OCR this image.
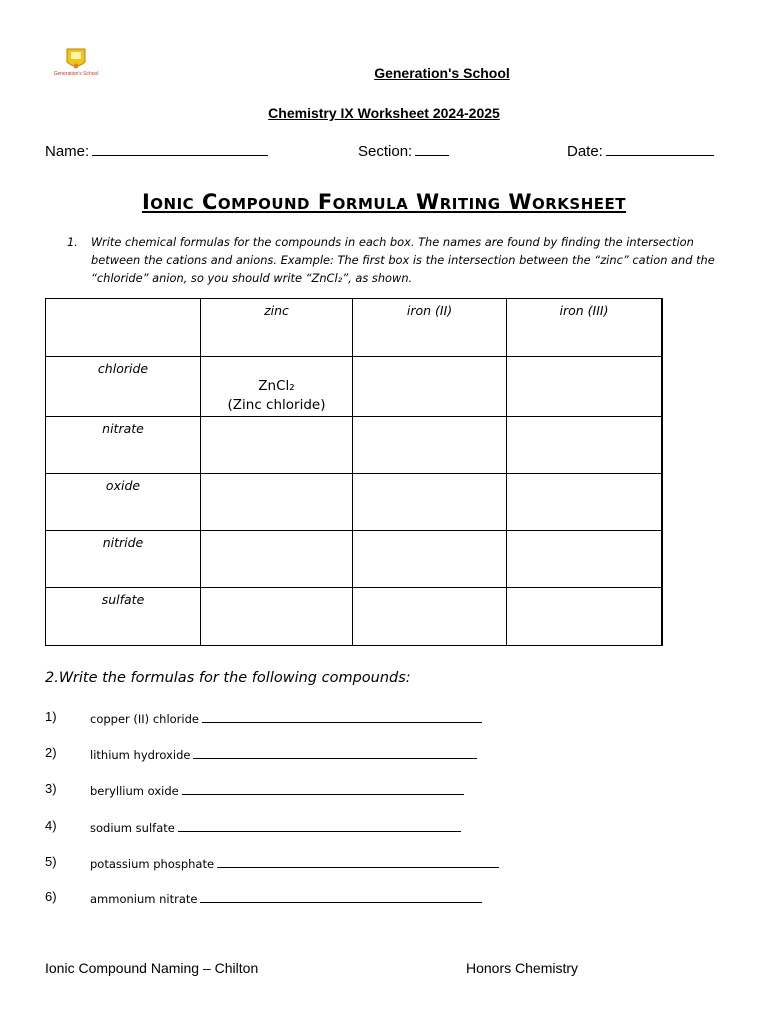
Generation's School	Generation's School
Chemistry IX Worksheet 2024-2025
Name:	Section:	Date:
Ionic Compound Formula Writing Worksheet
1. Write chemical formulas for the compounds in each box. The names are found by finding the intersection between the cations and anions. Example: The first box is the intersection between the “zinc” cation and the “chloride” anion, so you should write “ZnCl₂”, as shown.

	zinc	iron (II)	iron (III)

chloride	ZnCl₂
(Zinc chloride)		

nitrate			

oxide			

nitride			

sulfate			

2.Write the formulas for the following compounds:
1)	copper (II) chloride
2)	lithium hydroxide
3)	beryllium oxide
4)	sodium sulfate
5)	potassium phosphate
6)	ammonium nitrate
Ionic Compound Naming – Chilton	Honors Chemistry
